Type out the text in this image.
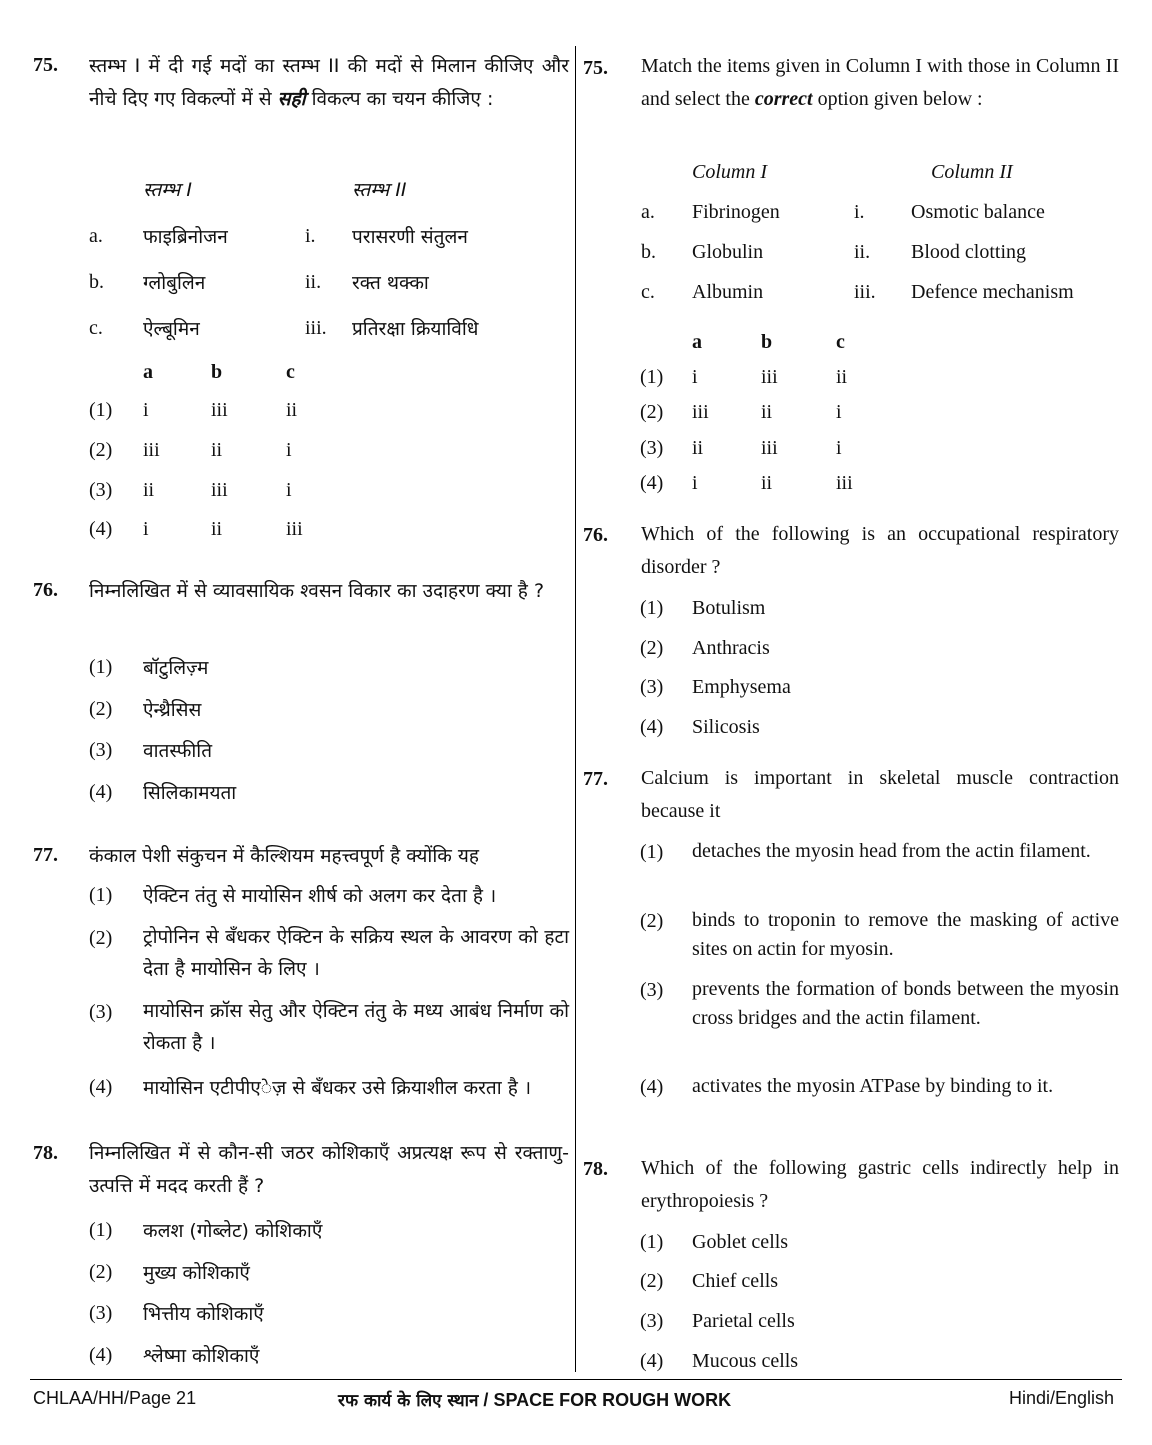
75. स्तम्भ I में दी गई मदों का स्तम्भ II की मदों से मिलान कीजिए और नीचे दिए गए विकल्पों में से सही विकल्प का चयन कीजिए :
स्तम्भ I	स्तम्भ II
a. फाइब्रिनोजन	i. परासरणी संतुलन
b. ग्लोबुलिन	ii. रक्त थक्का
c. ऐल्बूमिन	iii. प्रतिरक्षा क्रियाविधि
a	b	c
(1) i	iii	ii
(2) iii	ii	i
(3) ii	iii	i
(4) i	ii	iii
76. निम्नलिखित में से व्यावसायिक श्वसन विकार का उदाहरण क्या है ?
(1) बॉटुलिज़्म
(2) ऐन्थ्रैसिस
(3) वातस्फीति
(4) सिलिकामयता
77. कंकाल पेशी संकुचन में कैल्शियम महत्त्वपूर्ण है क्योंकि यह
(1) ऐक्टिन तंतु से मायोसिन शीर्ष को अलग कर देता है ।
(2) ट्रोपोनिन से बँधकर ऐक्टिन के सक्रिय स्थल के आवरण को हटा देता है मायोसिन के लिए ।
(3) मायोसिन क्रॉस सेतु और ऐक्टिन तंतु के मध्य आबंध निर्माण को रोकता है ।
(4) मायोसिन एटीपीएेज़ से बँधकर उसे क्रियाशील करता है ।
78. निम्नलिखित में से कौन-सी जठर कोशिकाएँ अप्रत्यक्ष रूप से रक्ताणु-उत्पत्ति में मदद करती हैं ?
(1) कलश (गोब्लेट) कोशिकाएँ
(2) मुख्य कोशिकाएँ
(3) भित्तीय कोशिकाएँ
(4) श्लेष्मा कोशिकाएँ
75. Match the items given in Column I with those in Column II and select the correct option given below :
Column I	Column II
a. Fibrinogen	i. Osmotic balance
b. Globulin	ii. Blood clotting
c. Albumin	iii. Defence mechanism
a	b	c
(1) i	iii	ii
(2) iii	ii	i
(3) ii	iii	i
(4) i	ii	iii
76. Which of the following is an occupational respiratory disorder ?
(1) Botulism
(2) Anthracis
(3) Emphysema
(4) Silicosis
77. Calcium is important in skeletal muscle contraction because it
(1) detaches the myosin head from the actin filament.
(2) binds to troponin to remove the masking of active sites on actin for myosin.
(3) prevents the formation of bonds between the myosin cross bridges and the actin filament.
(4) activates the myosin ATPase by binding to it.
78. Which of the following gastric cells indirectly help in erythropoiesis ?
(1) Goblet cells
(2) Chief cells
(3) Parietal cells
(4) Mucous cells
CHLAA/HH/Page 21	रफ कार्य के लिए स्थान / SPACE FOR ROUGH WORK	Hindi/English
